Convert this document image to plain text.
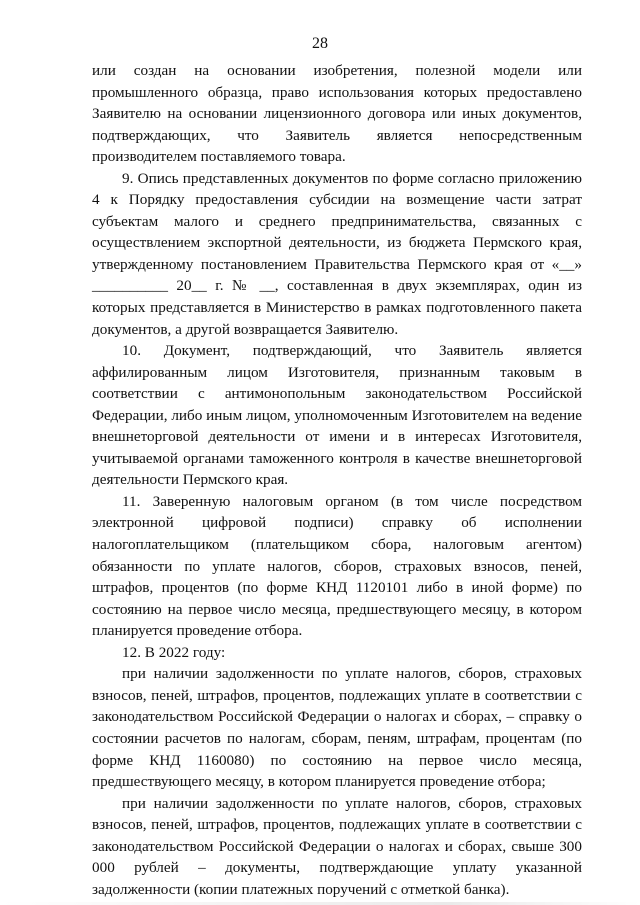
28

или создан на основании изобретения, полезной модели или промышленного образца, право использования которых предоставлено Заявителю на основании лицензионного договора или иных документов, подтверждающих, что Заявитель является непосредственным производителем поставляемого товара.

9. Опись представленных документов по форме согласно приложению 4 к Порядку предоставления субсидии на возмещение части затрат субъектам малого и среднего предпринимательства, связанных с осуществлением экспортной деятельности, из бюджета Пермского края, утвержденному постановлением Правительства Пермского края от «__» __________ 20__ г. № __, составленная в двух экземплярах, один из которых представляется в Министерство в рамках подготовленного пакета документов, а другой возвращается Заявителю.

10. Документ, подтверждающий, что Заявитель является аффилированным лицом Изготовителя, признанным таковым в соответствии с антимонопольным законодательством Российской Федерации, либо иным лицом, уполномоченным Изготовителем на ведение внешнеторговой деятельности от имени и в интересах Изготовителя, учитываемой органами таможенного контроля в качестве внешнеторговой деятельности Пермского края.

11. Заверенную налоговым органом (в том числе посредством электронной цифровой подписи) справку об исполнении налогоплательщиком (плательщиком сбора, налоговым агентом) обязанности по уплате налогов, сборов, страховых взносов, пеней, штрафов, процентов (по форме КНД 1120101 либо в иной форме) по состоянию на первое число месяца, предшествующего месяцу, в котором планируется проведение отбора.

12. В 2022 году:

при наличии задолженности по уплате налогов, сборов, страховых взносов, пеней, штрафов, процентов, подлежащих уплате в соответствии с законодательством Российской Федерации о налогах и сборах, – справку о состоянии расчетов по налогам, сборам, пеням, штрафам, процентам (по форме КНД 1160080) по состоянию на первое число месяца, предшествующего месяцу, в котором планируется проведение отбора;

при наличии задолженности по уплате налогов, сборов, страховых взносов, пеней, штрафов, процентов, подлежащих уплате в соответствии с законодательством Российской Федерации о налогах и сборах, свыше 300 000 рублей – документы, подтверждающие уплату указанной задолженности (копии платежных поручений с отметкой банка).
